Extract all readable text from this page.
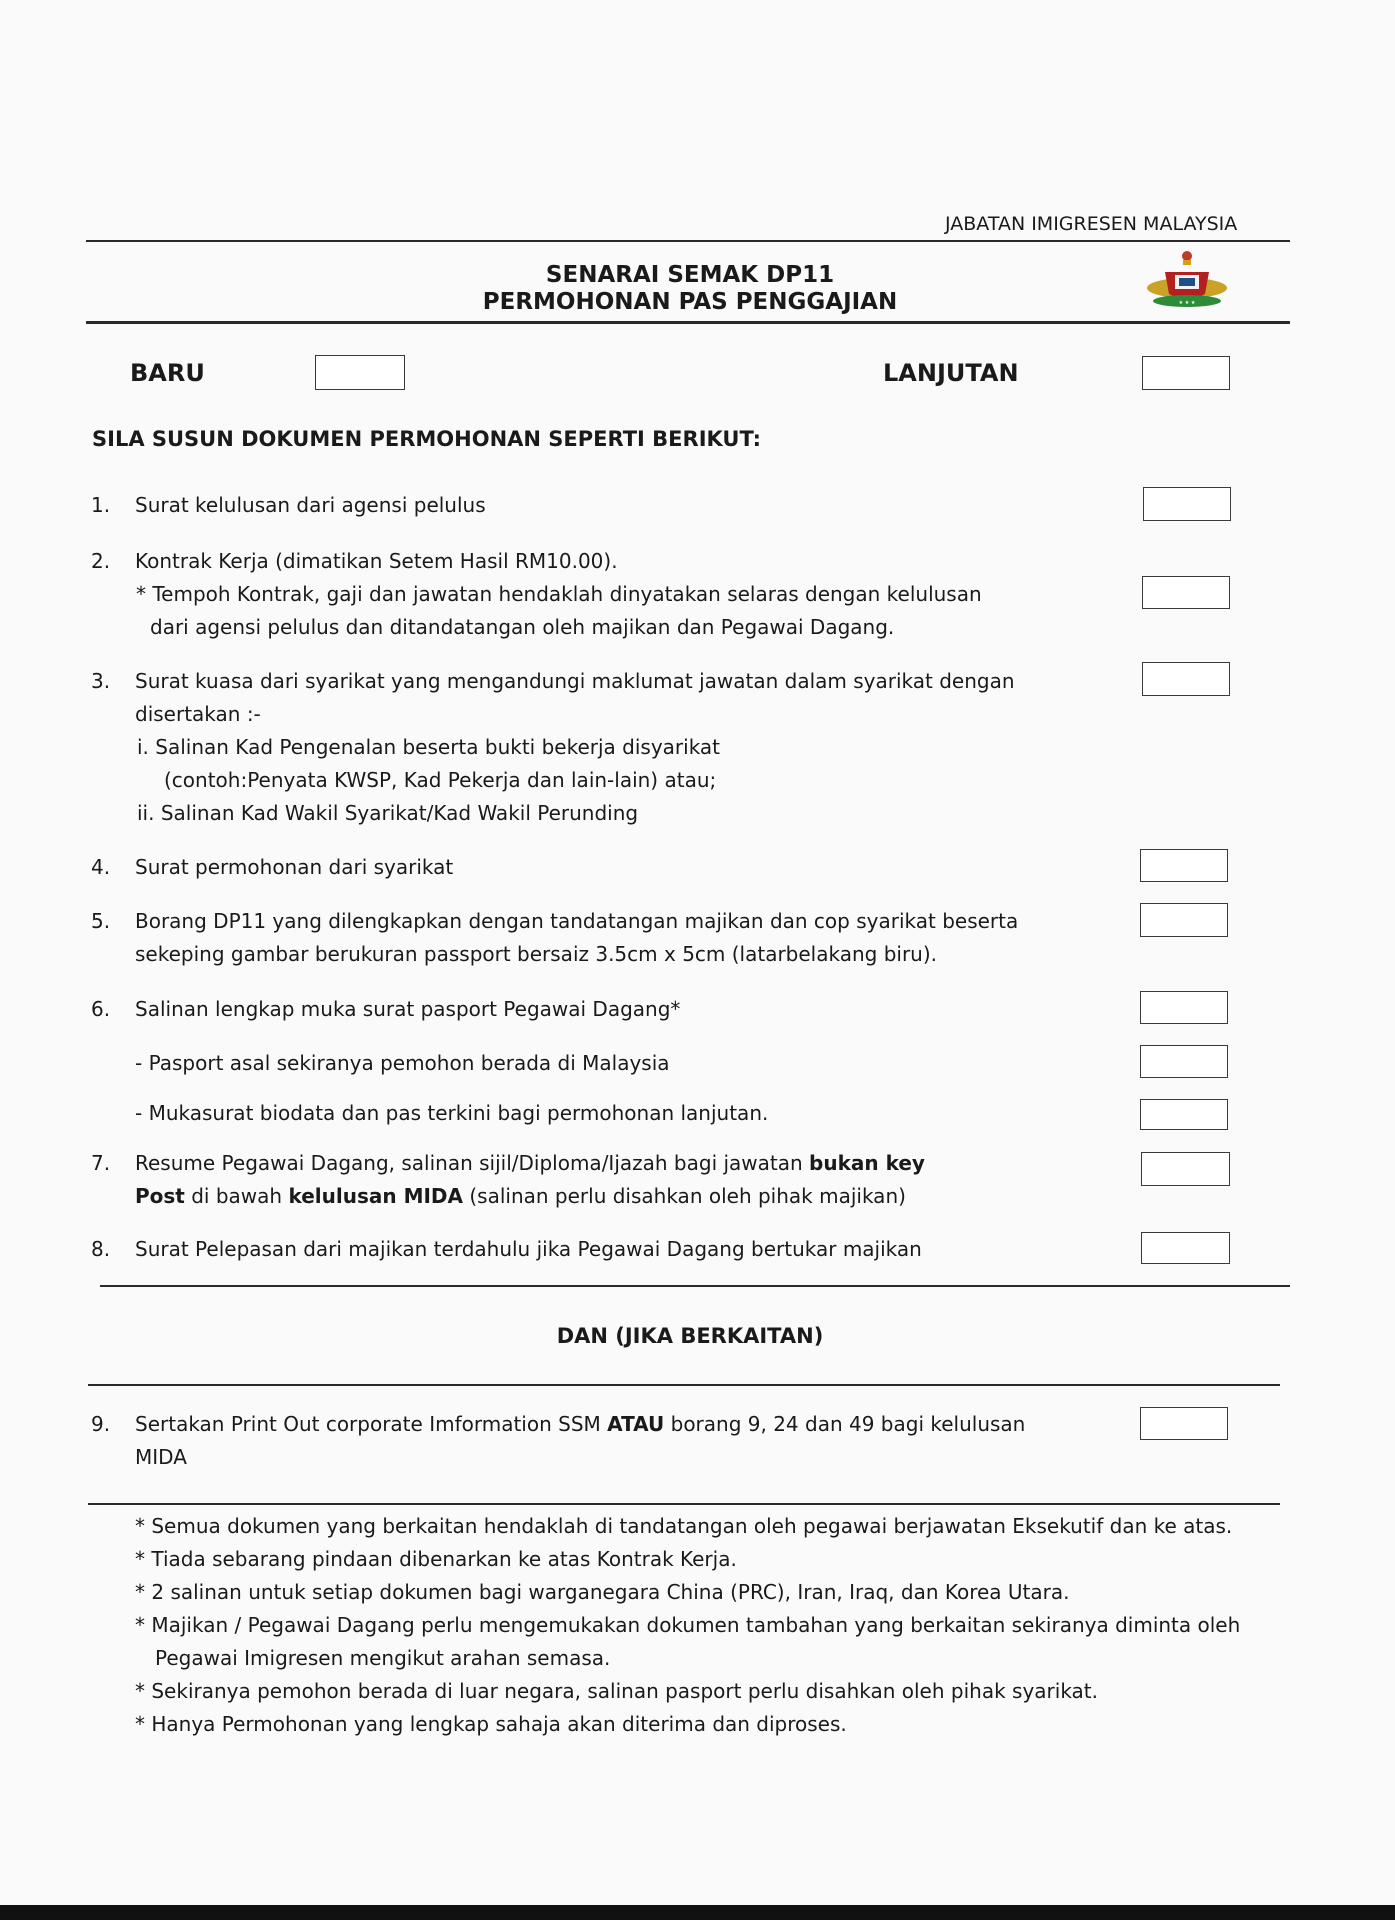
JABATAN IMIGRESEN MALAYSIA
SENARAI SEMAK DP11
PERMOHONAN PAS PENGGAJIAN	★ ★ ★
BARU	LANJUTAN
SILA SUSUN DOKUMEN PERMOHONAN SEPERTI BERIKUT:
1. Surat kelulusan dari agensi pelulus
2. Kontrak Kerja (dimatikan Setem Hasil RM10.00).
* Tempoh Kontrak, gaji dan jawatan hendaklah dinyatakan selaras dengan kelulusan
dari agensi pelulus dan ditandatangan oleh majikan dan Pegawai Dagang.
3. Surat kuasa dari syarikat yang mengandungi maklumat jawatan dalam syarikat dengan
disertakan :-
i. Salinan Kad Pengenalan beserta bukti bekerja disyarikat
(contoh:Penyata KWSP, Kad Pekerja dan lain-lain) atau;
ii. Salinan Kad Wakil Syarikat/Kad Wakil Perunding
4. Surat permohonan dari syarikat
5. Borang DP11 yang dilengkapkan dengan tandatangan majikan dan cop syarikat beserta
sekeping gambar berukuran passport bersaiz 3.5cm x 5cm (latarbelakang biru).
6. Salinan lengkap muka surat pasport Pegawai Dagang*
- Pasport asal sekiranya pemohon berada di Malaysia
- Mukasurat biodata dan pas terkini bagi permohonan lanjutan.
7. Resume Pegawai Dagang, salinan sijil/Diploma/Ijazah bagi jawatan bukan key
Post di bawah kelulusan MIDA (salinan perlu disahkan oleh pihak majikan)
8. Surat Pelepasan dari majikan terdahulu jika Pegawai Dagang bertukar majikan
DAN (JIKA BERKAITAN)
9. Sertakan Print Out corporate Imformation SSM ATAU borang 9, 24 dan 49 bagi kelulusan
MIDA
* Semua dokumen yang berkaitan hendaklah di tandatangan oleh pegawai berjawatan Eksekutif dan ke atas.
* Tiada sebarang pindaan dibenarkan ke atas Kontrak Kerja.
* 2 salinan untuk setiap dokumen bagi warganegara China (PRC), Iran, Iraq, dan Korea Utara.
* Majikan / Pegawai Dagang perlu mengemukakan dokumen tambahan yang berkaitan sekiranya diminta oleh
Pegawai Imigresen mengikut arahan semasa.
* Sekiranya pemohon berada di luar negara, salinan pasport perlu disahkan oleh pihak syarikat.
* Hanya Permohonan yang lengkap sahaja akan diterima dan diproses.
